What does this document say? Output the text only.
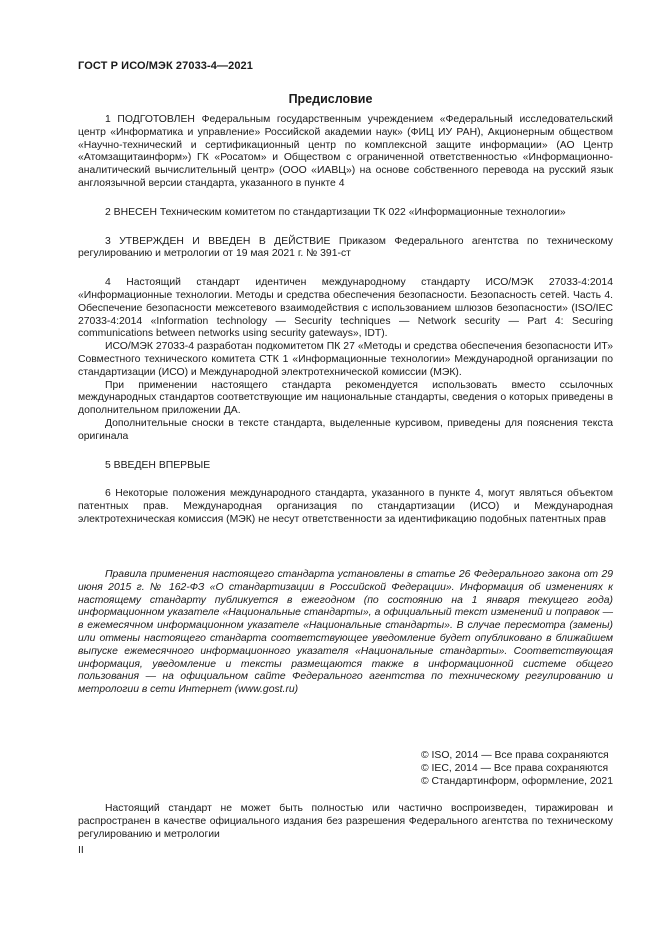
ГОСТ Р ИСО/МЭК 27033-4—2021
Предисловие

1 ПОДГОТОВЛЕН Федеральным государственным учреждением «Федеральный исследовательский центр «Информатика и управление» Российской академии наук» (ФИЦ ИУ РАН), Акционерным обществом «Научно-технический и сертификационный центр по комплексной защите информации» (АО Центр «Атомзащитаинформ») ГК «Росатом» и Обществом с ограниченной ответственностью «Информационно-аналитический вычислительный центр» (ООО «ИАВЦ») на основе собственного перевода на русский язык англоязычной версии стандарта, указанного в пункте 4

2 ВНЕСЕН Техническим комитетом по стандартизации ТК 022 «Информационные технологии»

3 УТВЕРЖДЕН И ВВЕДЕН В ДЕЙСТВИЕ Приказом Федерального агентства по техническому регулированию и метрологии от 19 мая 2021 г. № 391-ст

4 Настоящий стандарт идентичен международному стандарту ИСО/МЭК 27033-4:2014 «Информационные технологии. Методы и средства обеспечения безопасности. Безопасность сетей. Часть 4. Обеспечение безопасности межсетевого взаимодействия с использованием шлюзов безопасности» (ISO/IEC 27033-4:2014 «Information technology — Security techniques — Network security — Part 4: Securing communications between networks using security gateways», IDT).

ИСО/МЭК 27033-4 разработан подкомитетом ПК 27 «Методы и средства обеспечения безопасности ИТ» Совместного технического комитета СТК 1 «Информационные технологии» Международной организации по стандартизации (ИСО) и Международной электротехнической комиссии (МЭК).

При применении настоящего стандарта рекомендуется использовать вместо ссылочных международных стандартов соответствующие им национальные стандарты, сведения о которых приведены в дополнительном приложении ДА.

Дополнительные сноски в тексте стандарта, выделенные курсивом, приведены для пояснения текста оригинала

5 ВВЕДЕН ВПЕРВЫЕ

6 Некоторые положения международного стандарта, указанного в пункте 4, могут являться объектом патентных прав. Международная организация по стандартизации (ИСО) и Международная электротехническая комиссия (МЭК) не несут ответственности за идентификацию подобных патентных прав

Правила применения настоящего стандарта установлены в статье 26 Федерального закона от 29 июня 2015 г. № 162-ФЗ «О стандартизации в Российской Федерации». Информация об изменениях к настоящему стандарту публикуется в ежегодном (по состоянию на 1 января текущего года) информационном указателе «Национальные стандарты», а официальный текст изменений и поправок — в ежемесячном информационном указателе «Национальные стандарты». В случае пересмотра (замены) или отмены настоящего стандарта соответствующее уведомление будет опубликовано в ближайшем выпуске ежемесячного информационного указателя «Национальные стандарты». Соответствующая информация, уведомление и тексты размещаются также в информационной системе общего пользования — на официальном сайте Федерального агентства по техническому регулированию и метрологии в сети Интернет (www.gost.ru)

© ISO, 2014 — Все права сохраняются
© IEC, 2014 — Все права сохраняются
© Стандартинформ, оформление, 2021

Настоящий стандарт не может быть полностью или частично воспроизведен, тиражирован и распространен в качестве официального издания без разрешения Федерального агентства по техническому регулированию и метрологии

II
